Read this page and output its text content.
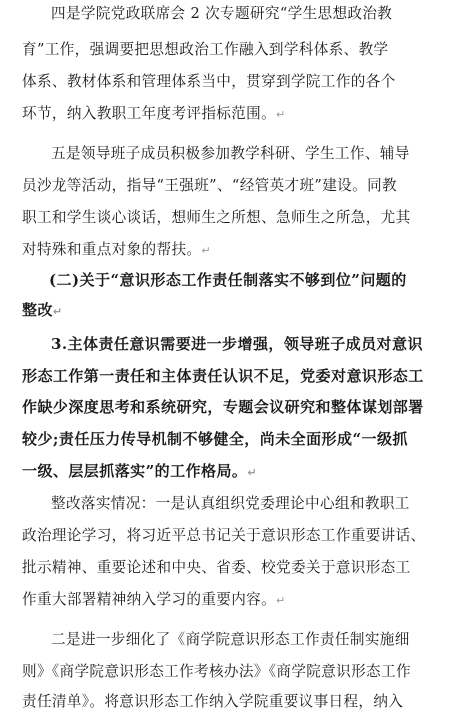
四是学院党政联席会 2 次专题研究“学生思想政治教
育”工作，强调要把思想政治工作融入到学科体系、教学
体系、教材体系和管理体系当中，贯穿到学院工作的各个
环节，纳入教职工年度考评指标范围。↵
五是领导班子成员积极参加教学科研、学生工作、辅导
员沙龙等活动，指导“王强班”、“经管英才班”建设。同教
职工和学生谈心谈话，想师生之所想、急师生之所急，尤其
对特殊和重点对象的帮扶。↵
(二)关于“意识形态工作责任制落实不够到位”问题的
整改↵
3.主体责任意识需要进一步增强，领导班子成员对意识
形态工作第一责任和主体责任认识不足，党委对意识形态工
作缺少深度思考和系统研究，专题会议研究和整体谋划部署
较少;责任压力传导机制不够健全，尚未全面形成“一级抓
一级、层层抓落实”的工作格局。↵
整改落实情况：一是认真组织党委理论中心组和教职工
政治理论学习，将习近平总书记关于意识形态工作重要讲话、
批示精神、重要论述和中央、省委、校党委关于意识形态工
作重大部署精神纳入学习的重要内容。↵
二是进一步细化了《商学院意识形态工作责任制实施细
则》《商学院意识形态工作考核办法》《商学院意识形态工作
责任清单》。将意识形态工作纳入学院重要议事日程，纳入
